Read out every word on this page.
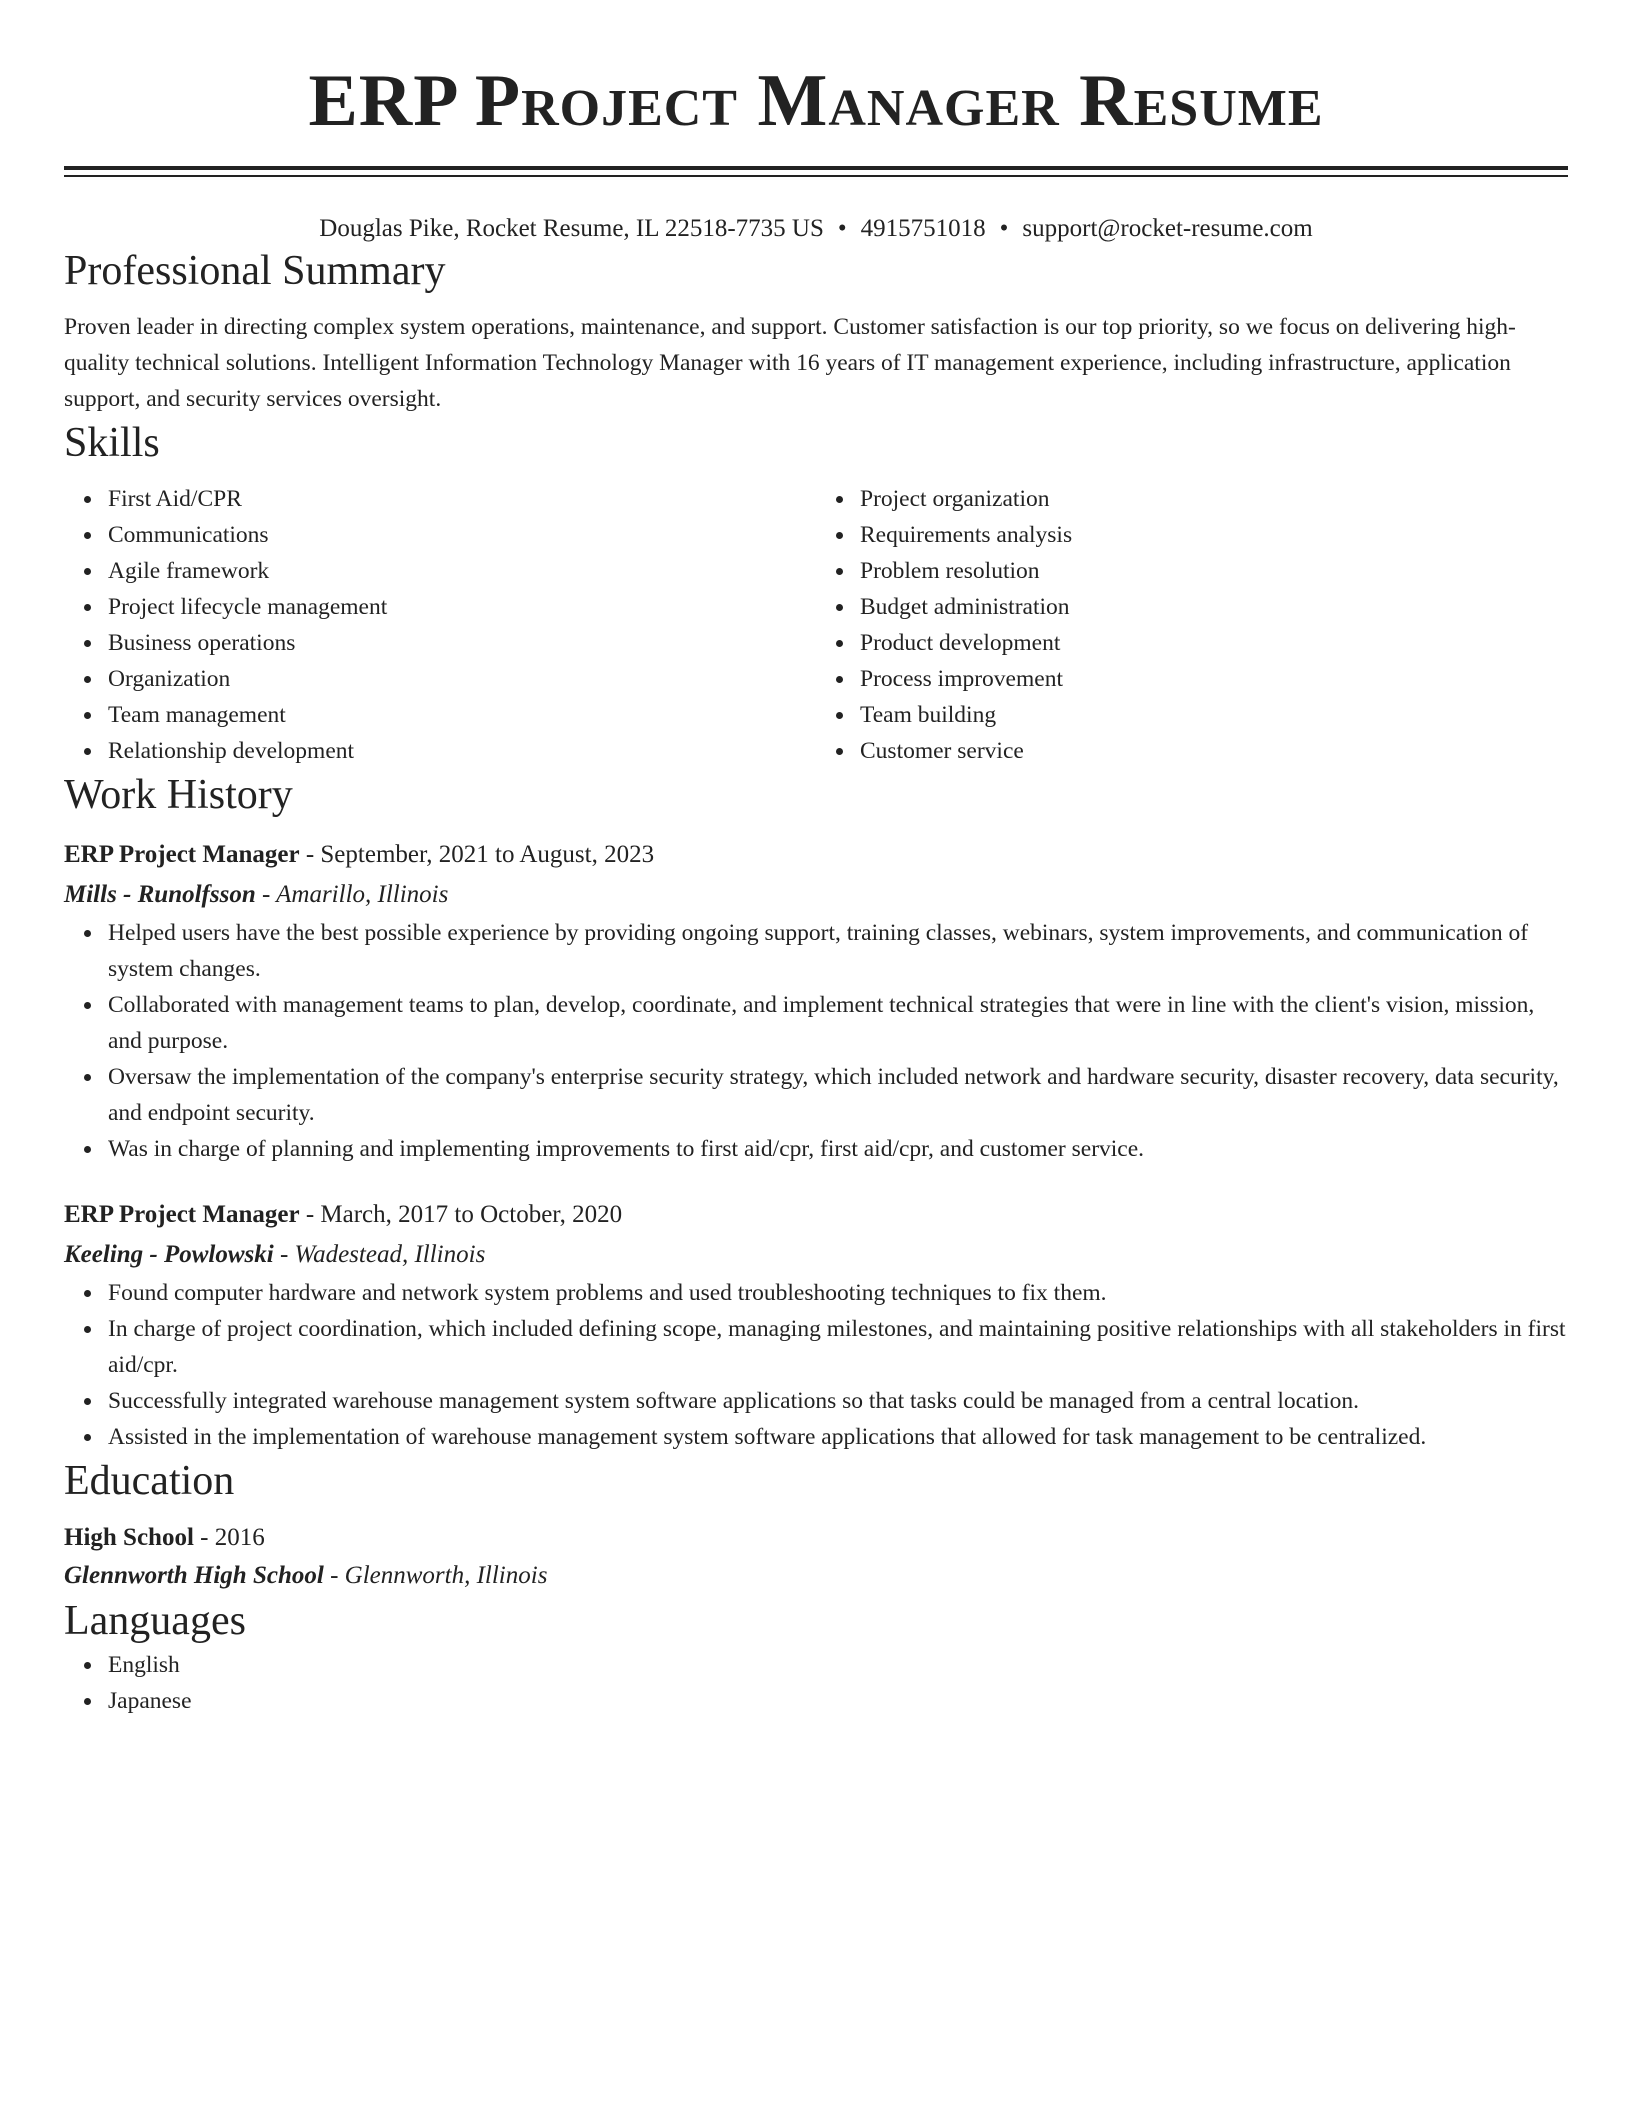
ERP Project Manager Resume
Douglas Pike, Rocket Resume, IL 22518-7735 US • 4915751018 • support@rocket-resume.com
Professional Summary

Proven leader in directing complex system operations, maintenance, and support. Customer satisfaction is our top priority, so we focus on delivering high-quality technical solutions. Intelligent Information Technology Manager with 16 years of IT management experience, including infrastructure, application support, and security services oversight.

Skills
First Aid/CPR
Communications
Agile framework
Project lifecycle management
Business operations
Organization
Team management
Relationship development
Project organization
Requirements analysis
Problem resolution
Budget administration
Product development
Process improvement
Team building
Customer service
Work History
ERP Project Manager - September, 2021 to August, 2023
Mills - Runolfsson - Amarillo, Illinois
Helped users have the best possible experience by providing ongoing support, training classes, webinars, system improvements, and communication of system changes.
Collaborated with management teams to plan, develop, coordinate, and implement technical strategies that were in line with the client's vision, mission, and purpose.
Oversaw the implementation of the company's enterprise security strategy, which included network and hardware security, disaster recovery, data security, and endpoint security.
Was in charge of planning and implementing improvements to first aid/cpr, first aid/cpr, and customer service.
ERP Project Manager - March, 2017 to October, 2020
Keeling - Powlowski - Wadestead, Illinois
Found computer hardware and network system problems and used troubleshooting techniques to fix them.
In charge of project coordination, which included defining scope, managing milestones, and maintaining positive relationships with all stakeholders in first aid/cpr.
Successfully integrated warehouse management system software applications so that tasks could be managed from a central location.
Assisted in the implementation of warehouse management system software applications that allowed for task management to be centralized.
Education
High School - 2016
Glennworth High School - Glennworth, Illinois
Languages
English
Japanese
